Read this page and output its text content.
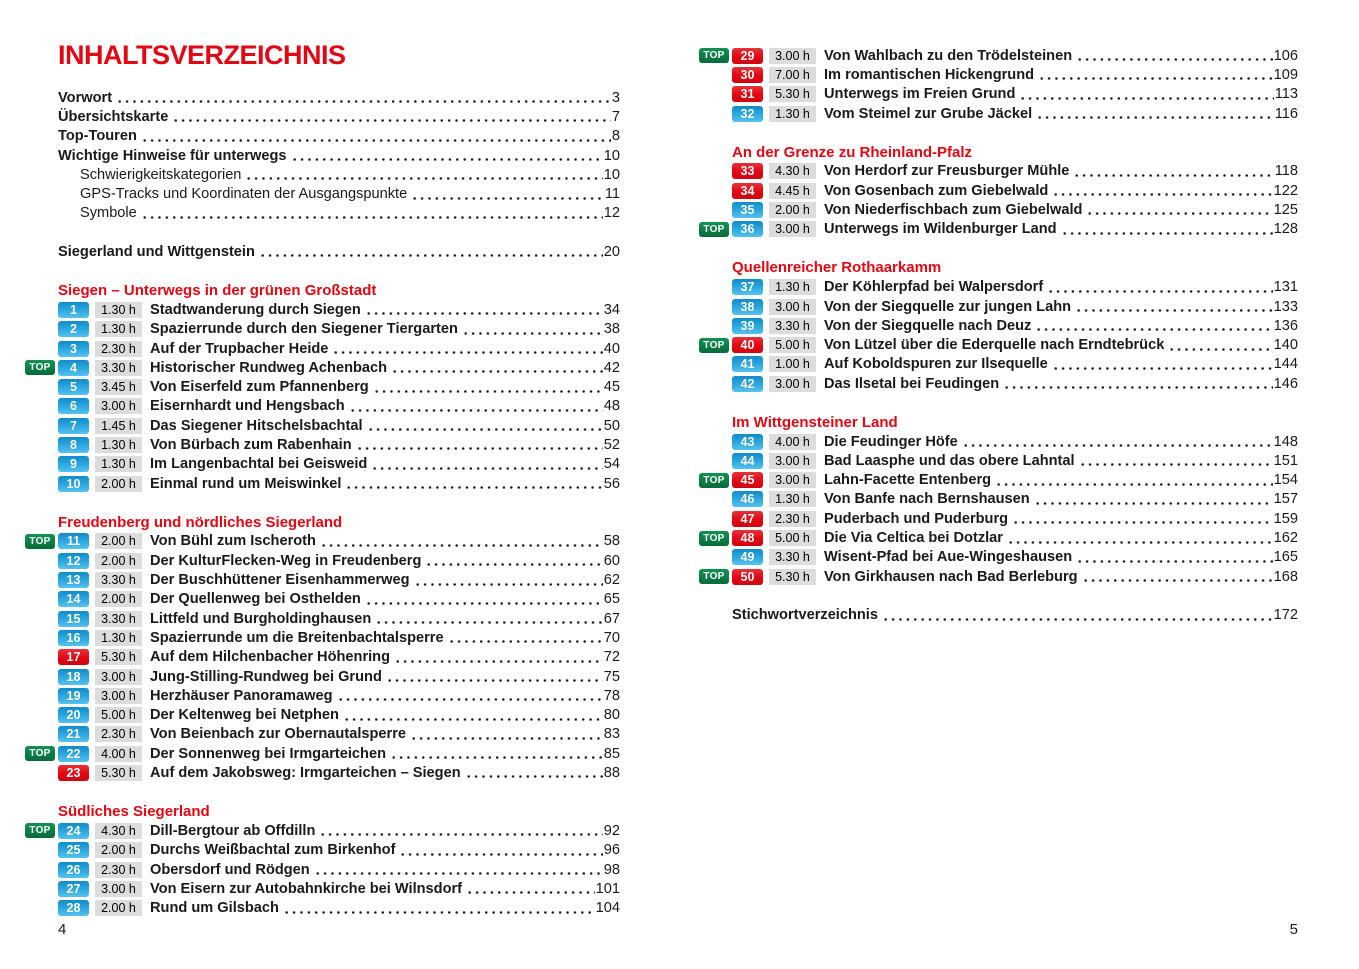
INHALTSVERZEICHNIS
Vorwort	3
Übersichtskarte	7
Top-Touren	8
Wichtige Hinweise für unterwegs	10
Schwierigkeitskategorien	10
GPS-Tracks und Koordinaten der Ausgangspunkte	11
Symbole	12
Siegerland und Wittgenstein	20
Siegen – Unterwegs in der grünen Großstadt
1	1.30 h Stadtwanderung durch Siegen	34
2	1.30 h Spazierrunde durch den Siegener Tiergarten	38
3	2.30 h Auf der Trupbacher Heide	40
TOP	4	3.30 h Historischer Rundweg Achenbach	42
5	3.45 h Von Eiserfeld zum Pfannenberg	45
6	3.00 h Eisernhardt und Hengsbach	48
7	1.45 h Das Siegener Hitschelsbachtal	50
8	1.30 h Von Bürbach zum Rabenhain	52
9	1.30 h Im Langenbachtal bei Geisweid	54
10	2.00 h Einmal rund um Meiswinkel	56
Freudenberg und nördliches Siegerland
TOP	11	2.00 h Von Bühl zum Ischeroth	58
12	2.00 h Der KulturFlecken-Weg in Freudenberg	60
13	3.30 h Der Buschhüttener Eisenhammerweg	62
14	2.00 h Der Quellenweg bei Osthelden	65
15	3.30 h Littfeld und Burgholdinghausen	67
16	1.30 h Spazierrunde um die Breitenbachtalsperre	70
17	5.30 h Auf dem Hilchenbacher Höhenring	72
18	3.00 h Jung-Stilling-Rundweg bei Grund	75
19	3.00 h Herzhäuser Panoramaweg	78
20	5.00 h Der Keltenweg bei Netphen	80
21	2.30 h Von Beienbach zur Obernautalsperre	83
TOP	22	4.00 h Der Sonnenweg bei Irmgarteichen	85
23	5.30 h Auf dem Jakobsweg: Irmgarteichen – Siegen	88
Südliches Siegerland
TOP	24	4.30 h Dill-Bergtour ab Offdilln	92
25	2.00 h Durchs Weißbachtal zum Birkenhof	96
26	2.30 h Obersdorf und Rödgen	98
27	3.00 h Von Eisern zur Autobahnkirche bei Wilnsdorf	101
28	2.00 h Rund um Gilsbach	104
TOP	29	3.00 h Von Wahlbach zu den Trödelsteinen	106
30	7.00 h Im romantischen Hickengrund	109
31	5.30 h Unterwegs im Freien Grund	113
32	1.30 h Vom Steimel zur Grube Jäckel	116
An der Grenze zu Rheinland-Pfalz
33	4.30 h Von Herdorf zur Freusburger Mühle	118
34	4.45 h Von Gosenbach zum Giebelwald	122
35	2.00 h Von Niederfischbach zum Giebelwald	125
TOP	36	3.00 h Unterwegs im Wildenburger Land	128
Quellenreicher Rothaarkamm
37	1.30 h Der Köhlerpfad bei Walpersdorf	131
38	3.00 h Von der Siegquelle zur jungen Lahn	133
39	3.30 h Von der Siegquelle nach Deuz	136
TOP	40	5.00 h Von Lützel über die Ederquelle nach Erndtebrück	140
41	1.00 h Auf Koboldspuren zur Ilsequelle	144
42	3.00 h Das Ilsetal bei Feudingen	146
Im Wittgensteiner Land
43	4.00 h Die Feudinger Höfe	148
44	3.00 h Bad Laasphe und das obere Lahntal	151
TOP	45	3.00 h Lahn-Facette Entenberg	154
46	1.30 h Von Banfe nach Bernshausen	157
47	2.30 h Puderbach und Puderburg	159
TOP	48	5.00 h Die Via Celtica bei Dotzlar	162
49	3.30 h Wisent-Pfad bei Aue-Wingeshausen	165
TOP	50	5.30 h Von Girkhausen nach Bad Berleburg	168
Stichwortverzeichnis	172
4	5
